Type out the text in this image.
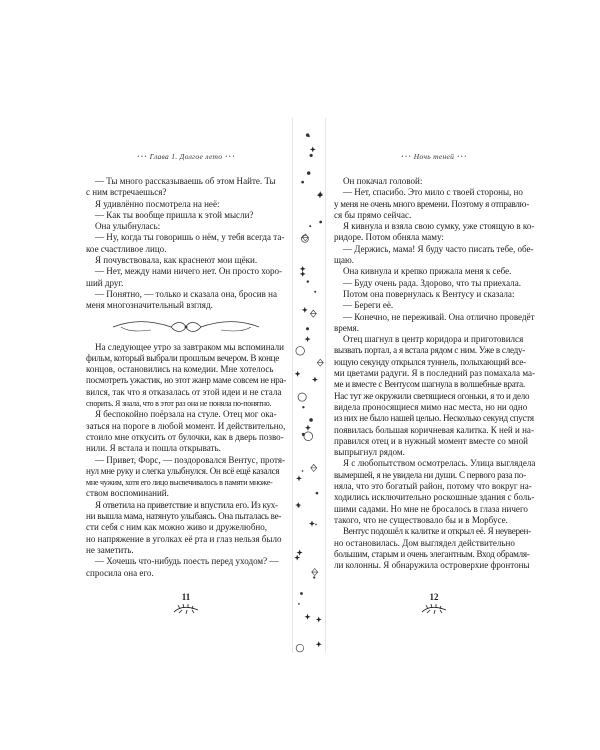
• • • Глава 1. Долгое лето • • •
— Ты много рассказываешь об этом Найте. Ты
с ним встречаешься?
Я удивлённо посмотрела на неё:
— Как ты вообще пришла к этой мысли?
Она улыбнулась:
— Ну, когда ты говоришь о нём, у тебя всегда та-
кое счастливое лицо.
Я почувствовала, как краснеют мои щёки.
— Нет, между нами ничего нет. Он просто хоро-
ший друг.
— Понятно, — только и сказала она, бросив на
меня многозначительный взгляд.
На следующее утро за завтраком мы вспоминали
фильм, который выбрали прошлым вечером. В конце
концов, остановились на комедии. Мне хотелось
посмотреть ужастик, но этот жанр маме совсем не нра-
вился, так что я отказалась от этой идеи и не стала
спорить. Я знала, что в этот раз она не поняла по-понятно.
Я беспокойно поёрзала на стуле. Отец мог ока-
заться на пороге в любой момент. И действительно,
стоило мне откусить от булочки, как в дверь позво-
нили. Я встала и пошла открывать.
— Привет, Форс, — поздоровался Вентус, протя-
нул мне руку и слегка улыбнулся. Он всё ещё казался
мне чужим, хотя его лицо высвечивалось в памяти множе-
ством воспоминаний.
Я ответила на приветствие и впустила его. Из кух-
ни вышла мама, натянуто улыбаясь. Она пыталась ве-
сти себя с ним как можно живо и дружелюбно,
но напряжение в уголках её рта и глаз нельзя было
не заметить.
— Хочешь что-нибудь поесть перед уходом? —
спросила она его.
11
• • • Ночь теней • • •
Он покачал головой:
— Нет, спасибо. Это мило с твоей стороны, но
у меня не очень много времени. Поэтому я отправлю-
ся бы прямо сейчас.
Я кивнула и взяла свою сумку, уже стоящую в ко-
ридоре. Потом обняла маму:
— Держись, мама! Я буду часто писать тебе, обе-
щаю.
Она кивнула и крепко прижала меня к себе.
— Буду очень рада. Здорово, что ты приехала.
Потом она повернулась к Вентусу и сказала:
— Береги её.
— Конечно, не переживай. Она отлично проведёт
время.
Отец шагнул в центр коридора и приготовился
вызвать портал, а я встала рядом с ним. Уже в следу-
ющую секунду открылся туннель, полыхающий все-
ми цветами радуги. Я в последний раз помахала ма-
ме и вместе с Вентусом шагнула в волшебные врата.
Нас тут же окружили светящиеся огоньки, я то и дело
видела проносящиеся мимо нас места, но ни одно
из них не было нашей целью. Несколько секунд спустя
появилась большая коричневая калитка. К ней и на-
правился отец и в нужный момент вместе со мной
выпрыгнул рядом.
Я с любопытством осмотрелась. Улица выглядела
вымершей, я не увидела ни души. С первого раза по-
няла, что это богатый район, потому что вокруг на-
ходились исключительно роскошные здания с боль-
шими садами. Но мне не бросалось в глаза ничего
такого, что не существовало бы и в Морбусе.
Вентус подошёл к калитке и открыл её. Я неуверен-
но остановилась. Дом выглядел действительно
большим, старым и очень элегантным. Вход обрамля-
ли колонны. Я обнаружила островерхие фронтоны
12
